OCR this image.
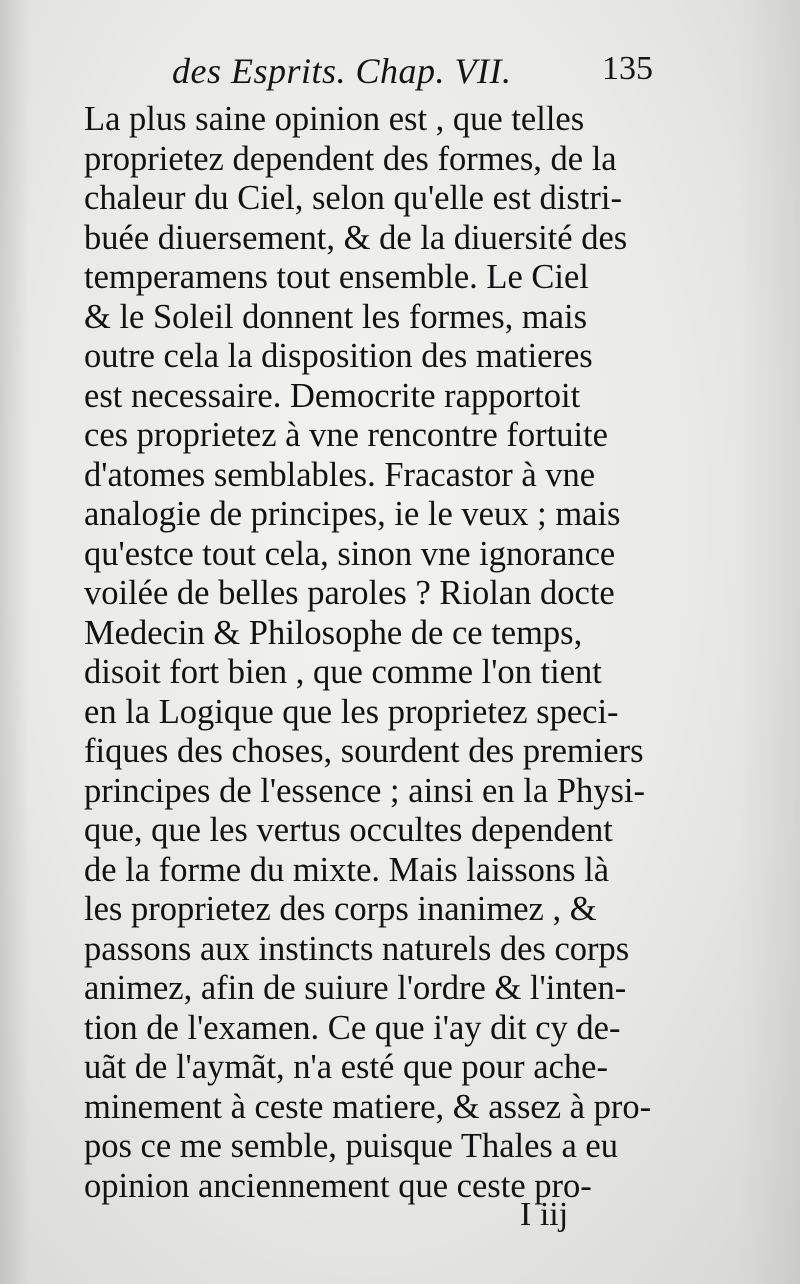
des Esprits. Chap. VII.	135
La plus saine opinion est , que telles
proprietez dependent des formes, de la
chaleur du Ciel, selon qu'elle est distri-
buée diuersement, & de la diuersité des
temperamens tout ensemble. Le Ciel
& le Soleil donnent les formes, mais
outre cela la disposition des matieres
est necessaire. Democrite rapportoit
ces proprietez à vne rencontre fortuite
d'atomes semblables. Fracastor à vne
analogie de principes, ie le veux ; mais
qu'estce tout cela, sinon vne ignorance
voilée de belles paroles ? Riolan docte
Medecin & Philosophe de ce temps,
disoit fort bien , que comme l'on tient
en la Logique que les proprietez speci-
fiques des choses, sourdent des premiers
principes de l'essence ; ainsi en la Physi-
que, que les vertus occultes dependent
de la forme du mixte. Mais laissons là
les proprietez des corps inanimez , &
passons aux instincts naturels des corps
animez, afin de suiure l'ordre & l'inten-
tion de l'examen. Ce que i'ay dit cy de-
uãt de l'aymãt, n'a esté que pour ache-
minement à ceste matiere, & assez à pro-
pos ce me semble, puisque Thales a eu
opinion anciennement que ceste pro-
I iij
